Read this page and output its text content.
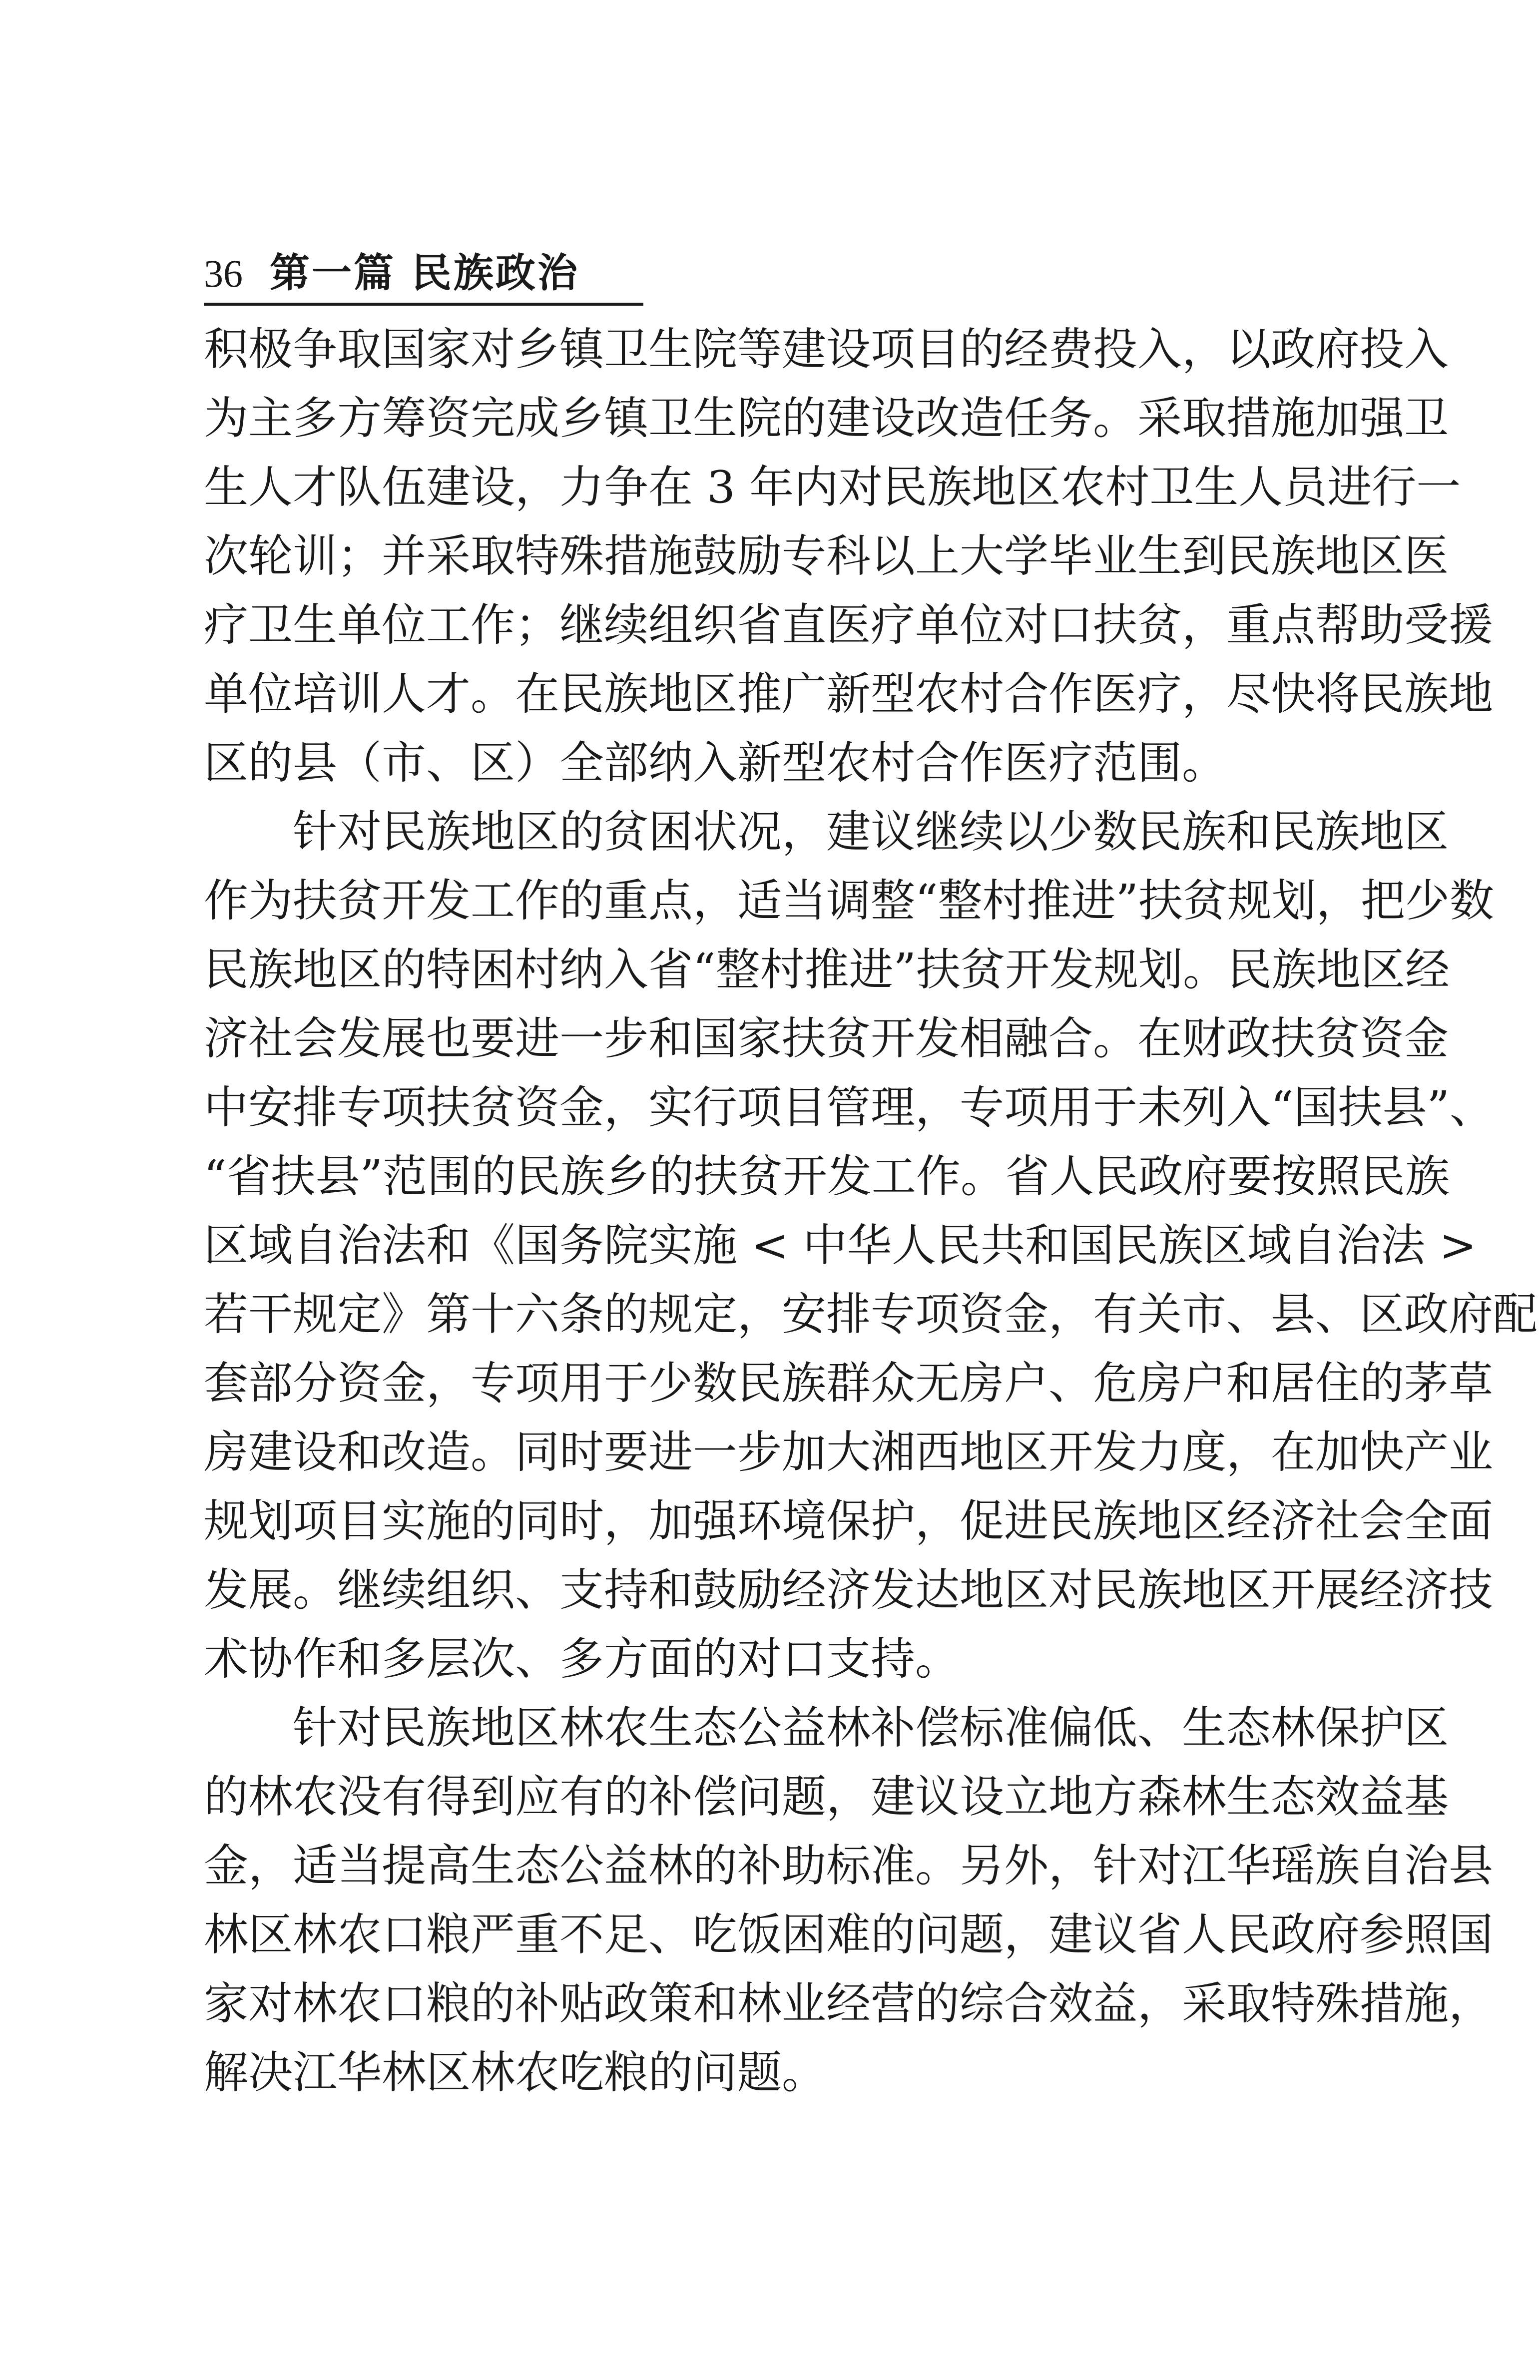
36 第一篇 民族政治
积极争取国家对乡镇卫生院等建设项目的经费投入，以政府投入
为主多方筹资完成乡镇卫生院的建设改造任务。采取措施加强卫
生人才队伍建设，力争在 3 年内对民族地区农村卫生人员进行一
次轮训；并采取特殊措施鼓励专科以上大学毕业生到民族地区医
疗卫生单位工作；继续组织省直医疗单位对口扶贫，重点帮助受援
单位培训人才。在民族地区推广新型农村合作医疗，尽快将民族地
区的县（市、区）全部纳入新型农村合作医疗范围。
针对民族地区的贫困状况，建议继续以少数民族和民族地区
作为扶贫开发工作的重点，适当调整“整村推进”扶贫规划，把少数
民族地区的特困村纳入省“整村推进”扶贫开发规划。民族地区经
济社会发展也要进一步和国家扶贫开发相融合。在财政扶贫资金
中安排专项扶贫资金，实行项目管理，专项用于未列入“国扶县”、
“省扶县”范围的民族乡的扶贫开发工作。省人民政府要按照民族
区域自治法和《国务院实施 < 中华人民共和国民族区域自治法 >
若干规定》第十六条的规定，安排专项资金，有关市、县、区政府配
套部分资金，专项用于少数民族群众无房户、危房户和居住的茅草
房建设和改造。同时要进一步加大湘西地区开发力度，在加快产业
规划项目实施的同时，加强环境保护，促进民族地区经济社会全面
发展。继续组织、支持和鼓励经济发达地区对民族地区开展经济技
术协作和多层次、多方面的对口支持。
针对民族地区林农生态公益林补偿标准偏低、生态林保护区
的林农没有得到应有的补偿问题，建议设立地方森林生态效益基
金，适当提高生态公益林的补助标准。另外，针对江华瑶族自治县
林区林农口粮严重不足、吃饭困难的问题，建议省人民政府参照国
家对林农口粮的补贴政策和林业经营的综合效益，采取特殊措施，
解决江华林区林农吃粮的问题。
